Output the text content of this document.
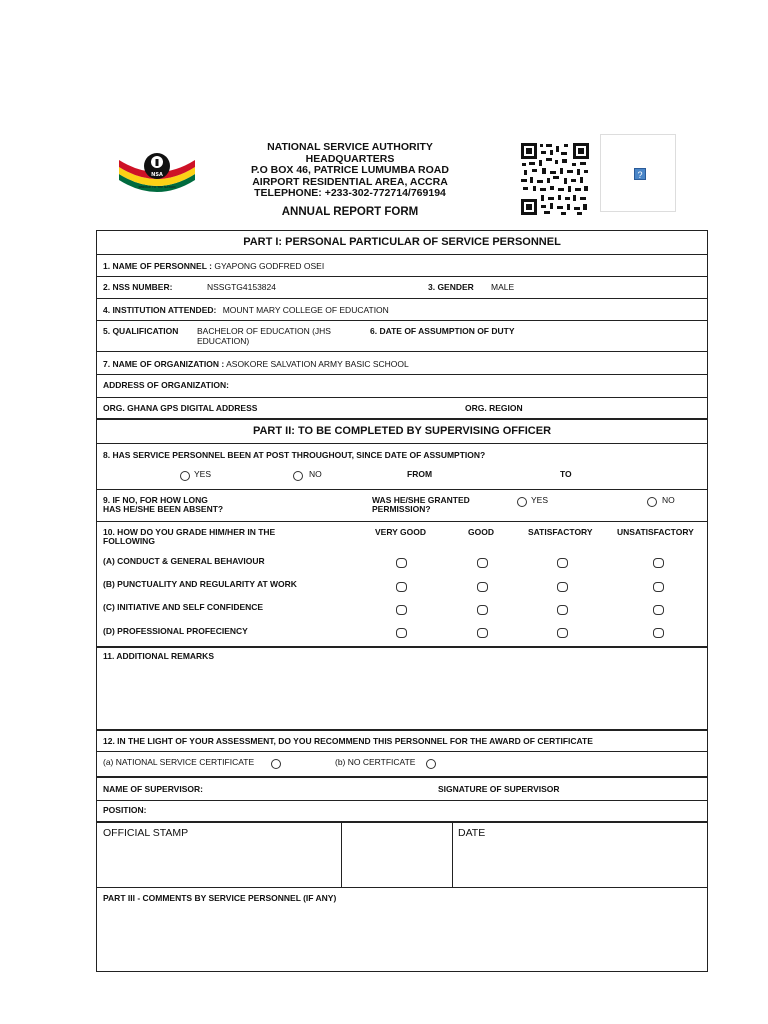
NSA
SERVICE TO THE NATION
NATIONAL SERVICE AUTHORITY
HEADQUARTERS
P.O BOX 46, PATRICE LUMUMBA ROAD
AIRPORT RESIDENTIAL AREA, ACCRA
TELEPHONE: +233-302-772714/769194
ANNUAL REPORT FORM
?
PART I: PERSONAL PARTICULAR OF SERVICE PERSONNEL
1. NAME OF PERSONNEL : GYAPONG GODFRED OSEI
2. NSS NUMBER:	NSSGTG4153824	3. GENDER MALE
4. INSTITUTION ATTENDED: MOUNT MARY COLLEGE OF EDUCATION
5. QUALIFICATION BACHELOR OF EDUCATION (JHS
EDUCATION)
6. DATE OF ASSUMPTION OF DUTY
7. NAME OF ORGANIZATION : ASOKORE SALVATION ARMY BASIC SCHOOL
ADDRESS OF ORGANIZATION:
ORG. GHANA GPS DIGITAL ADDRESS	ORG. REGION
PART II: TO BE COMPLETED BY SUPERVISING OFFICER
8. HAS SERVICE PERSONNEL BEEN AT POST THROUGHOUT, SINCE DATE OF ASSUMPTION?
YES	NO	FROM	TO
9. IF NO, FOR HOW LONG
HAS HE/SHE BEEN ABSENT?
WAS HE/SHE GRANTED
PERMISSION?
YES	NO
10. HOW DO YOU GRADE HIM/HER IN THE
FOLLOWING
VERY GOOD	GOOD	SATISFACTORY	UNSATISFACTORY
(A) CONDUCT & GENERAL BEHAVIOUR
(B) PUNCTUALITY AND REGULARITY AT WORK
(C) INITIATIVE AND SELF CONFIDENCE
(D) PROFESSIONAL PROFECIENCY
11. ADDITIONAL REMARKS
12. IN THE LIGHT OF YOUR ASSESSMENT, DO YOU RECOMMEND THIS PERSONNEL FOR THE AWARD OF CERTIFICATE
(a) NATIONAL SERVICE CERTIFICATE	(b) NO CERTFICATE
NAME OF SUPERVISOR:	SIGNATURE OF SUPERVISOR
POSITION:
OFFICIAL STAMP	DATE
PART III - COMMENTS BY SERVICE PERSONNEL (IF ANY)
